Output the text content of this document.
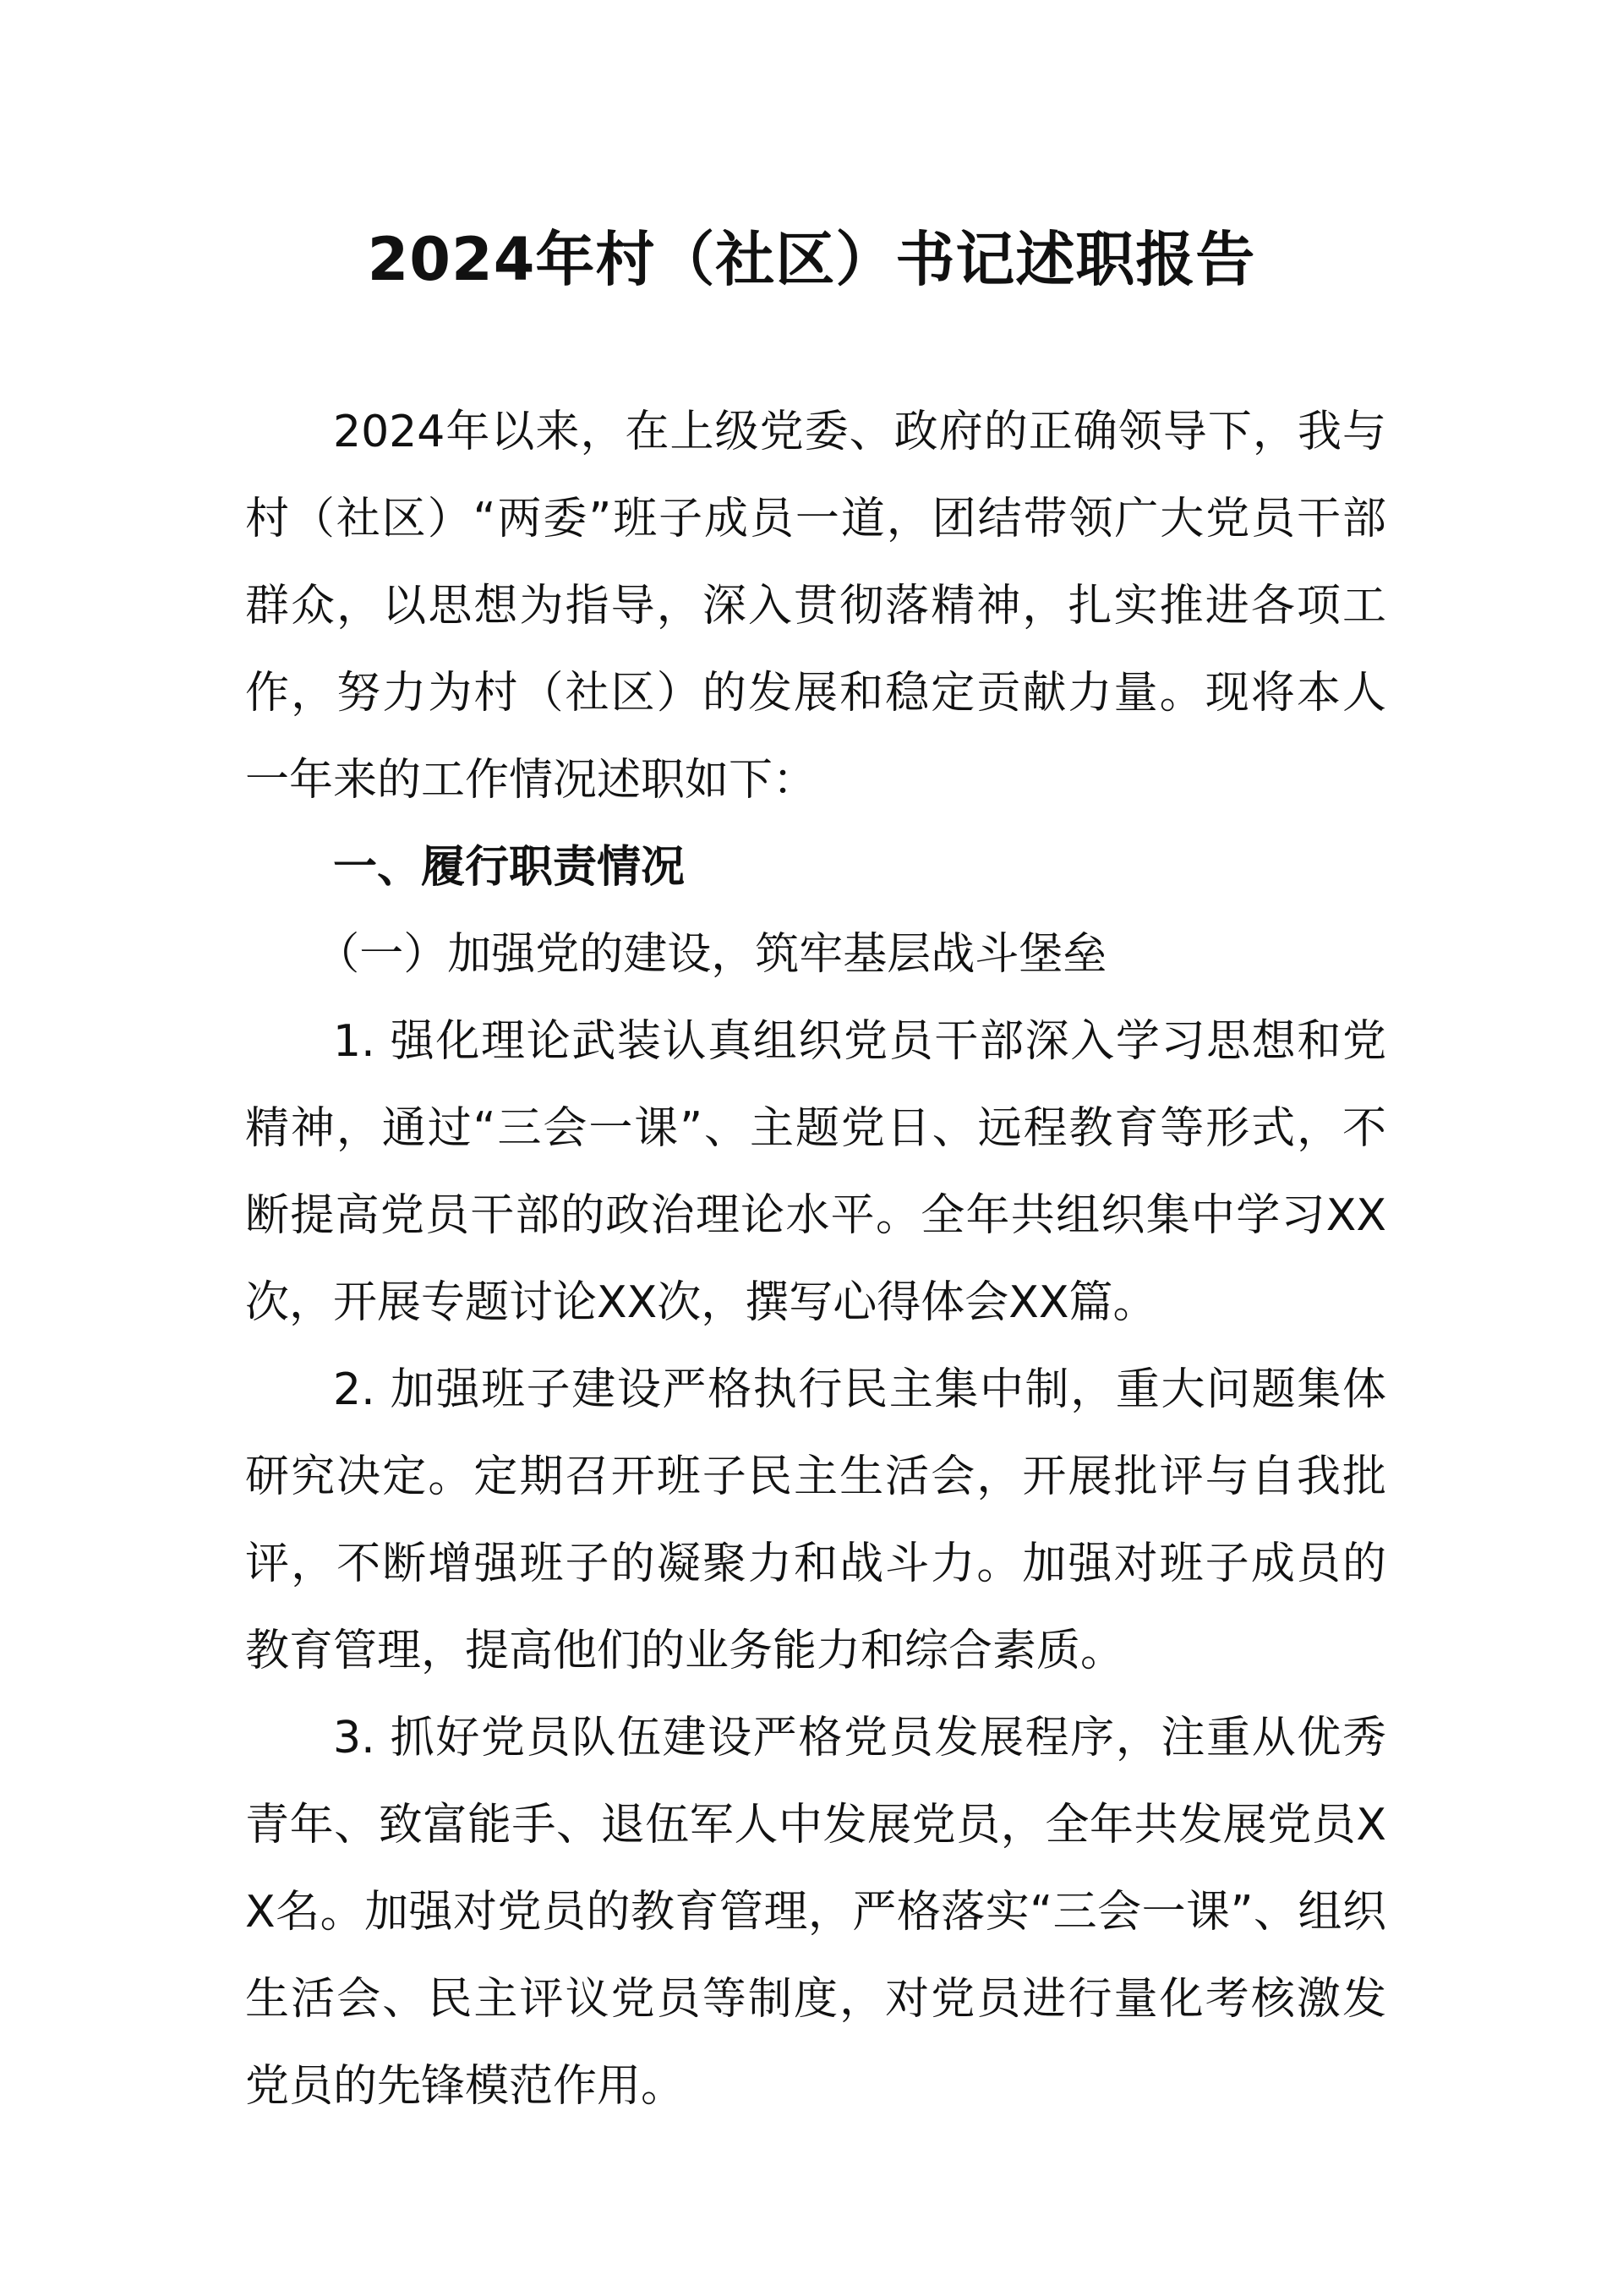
2024年村（社区）书记述职报告

2024年以来，在上级党委、政府的正确领导下，我与村（社区）“两委”班子成员一道，团结带领广大党员干部群众，以思想为指导，深入贯彻落精神，扎实推进各项工作，努力为村（社区）的发展和稳定贡献力量。现将本人一年来的工作情况述职如下：

一、履行职责情况

（一）加强党的建设，筑牢基层战斗堡垒

1. 强化理论武装认真组织党员干部深入学习思想和党精神，通过“三会一课”、主题党日、远程教育等形式，不断提高党员干部的政治理论水平。全年共组织集中学习XX次，开展专题讨论XX次，撰写心得体会XX篇。

2. 加强班子建设严格执行民主集中制，重大问题集体研究决定。定期召开班子民主生活会，开展批评与自我批评，不断增强班子的凝聚力和战斗力。加强对班子成员的教育管理，提高他们的业务能力和综合素质。

3. 抓好党员队伍建设严格党员发展程序，注重从优秀青年、致富能手、退伍军人中发展党员，全年共发展党员XX名。加强对党员的教育管理，严格落实“三会一课”、组织生活会、民主评议党员等制度，对党员进行量化考核激发党员的先锋模范作用。
